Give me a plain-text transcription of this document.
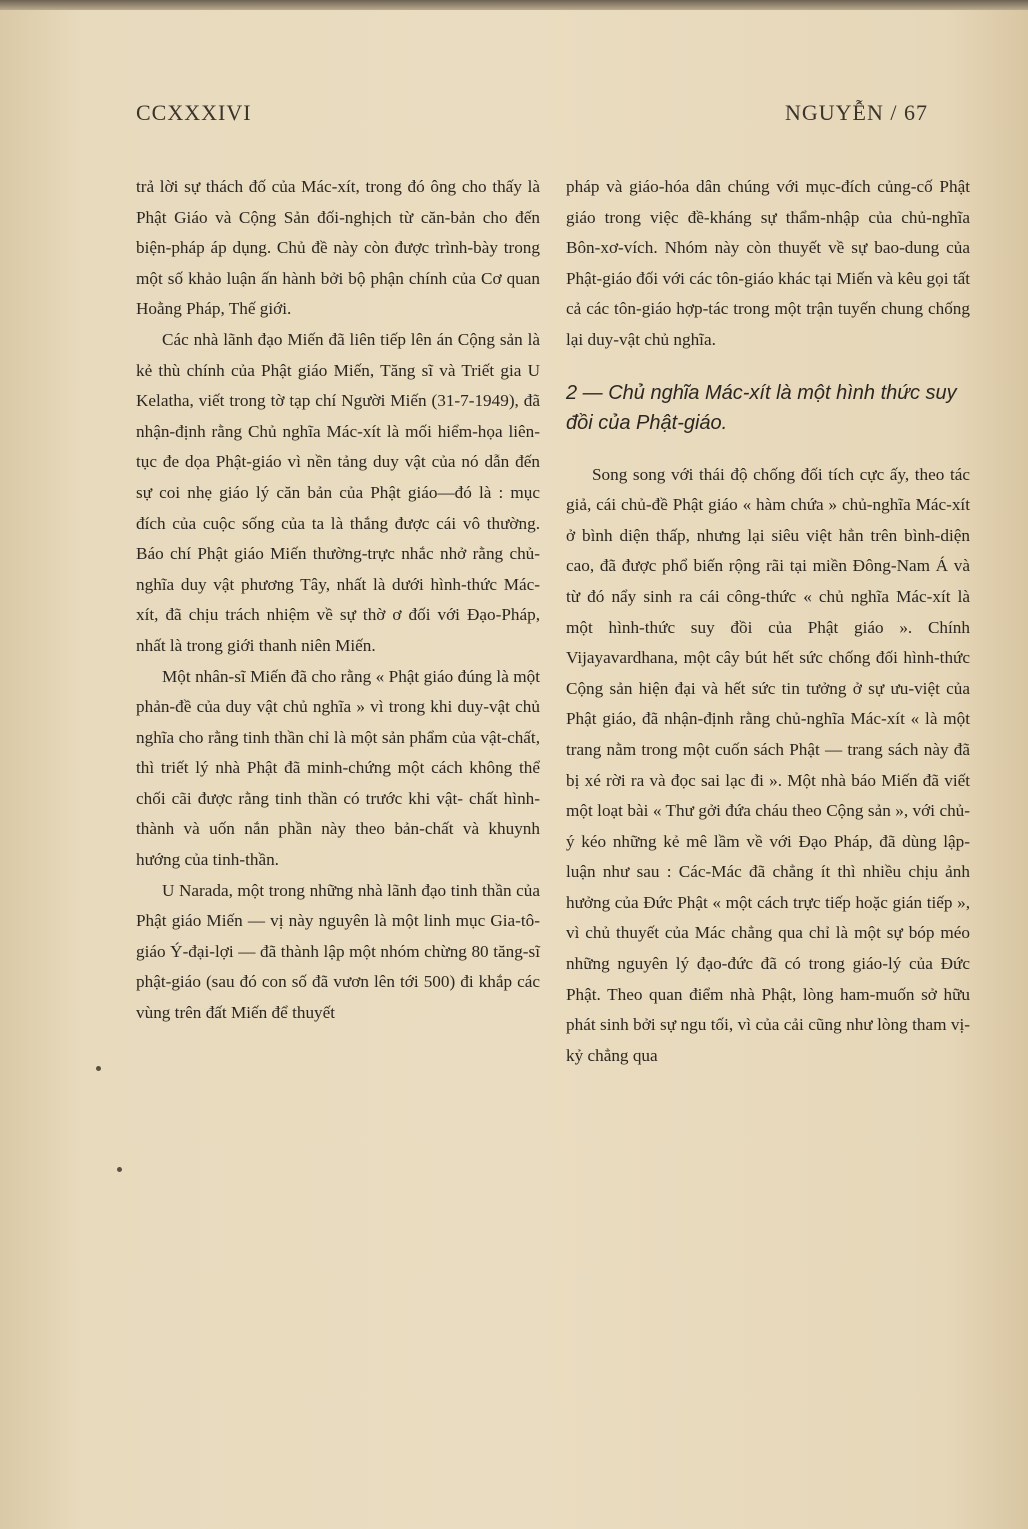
CCXXXIVI	NGUYỄN / 67

trả lời sự thách đố của Mác-xít, trong đó ông cho thấy là Phật Giáo và Cộng Sản đối-nghịch từ căn-bản cho đến biện-pháp áp dụng. Chủ đề này còn được trình-bày trong một số khảo luận ấn hành bởi bộ phận chính của Cơ quan Hoằng Pháp, Thế giới.

Các nhà lãnh đạo Miến đã liên tiếp lên án Cộng sản là kẻ thù chính của Phật giáo Miến, Tăng sĩ và Triết gia U Kelatha, viết trong tờ tạp chí Người Miến (31-7-1949), đã nhận-định rằng Chủ nghĩa Mác-xít là mối hiểm-họa liên-tục đe dọa Phật-giáo vì nền tảng duy vật của nó dẫn đến sự coi nhẹ giáo lý căn bản của Phật giáo—đó là : mục đích của cuộc sống của ta là thắng được cái vô thường. Báo chí Phật giáo Miến thường-trực nhắc nhở rằng chủ-nghĩa duy vật phương Tây, nhất là dưới hình-thức Mác-xít, đã chịu trách nhiệm về sự thờ ơ đối với Đạo-Pháp, nhất là trong giới thanh niên Miến.

Một nhân-sĩ Miến đã cho rằng « Phật giáo đúng là một phản-đề của duy vật chủ nghĩa » vì trong khi duy-vật chủ nghĩa cho rằng tinh thần chỉ là một sản phẩm của vật-chất, thì triết lý nhà Phật đã minh-chứng một cách không thể chối cãi được rằng tinh thần có trước khi vật- chất hình-thành và uốn nắn phần này theo bản-chất và khuynh hướng của tinh-thần.

U Narada, một trong những nhà lãnh đạo tinh thần của Phật giáo Miến — vị này nguyên là một linh mục Gia-tô-giáo Ý-đại-lợi — đã thành lập một nhóm chừng 80 tăng-sĩ phật-giáo (sau đó con số đã vươn lên tới 500) đi khắp các vùng trên đất Miến để thuyết

pháp và giáo-hóa dân chúng với mục-đích củng-cố Phật giáo trong việc đề-kháng sự thẩm-nhập của chủ-nghĩa Bôn-xơ-vích. Nhóm này còn thuyết về sự bao-dung của Phật-giáo đối với các tôn-giáo khác tại Miến và kêu gọi tất cả các tôn-giáo hợp-tác trong một trận tuyến chung chống lại duy-vật chủ nghĩa.

2 — Chủ nghĩa Mác-xít là một hình thức suy đồi của Phật-giáo.

Song song với thái độ chống đối tích cực ấy, theo tác giả, cái chủ-đề Phật giáo « hàm chứa » chủ-nghĩa Mác-xít ở bình diện thấp, nhưng lại siêu việt hẳn trên bình-diện cao, đã được phổ biến rộng rãi tại miền Đông-Nam Á và từ đó nẩy sinh ra cái công-thức « chủ nghĩa Mác-xít là một hình-thức suy đồi của Phật giáo ». Chính Vijayavardhana, một cây bút hết sức chống đối hình-thức Cộng sản hiện đại và hết sức tin tưởng ở sự ưu-việt của Phật giáo, đã nhận-định rằng chủ-nghĩa Mác-xít « là một trang nằm trong một cuốn sách Phật — trang sách này đã bị xé rời ra và đọc sai lạc đi ». Một nhà báo Miến đã viết một loạt bài « Thư gởi đứa cháu theo Cộng sản », với chủ-ý kéo những kẻ mê lầm về với Đạo Pháp, đã dùng lập-luận như sau : Các-Mác đã chẳng ít thì nhiều chịu ảnh hưởng của Đức Phật « một cách trực tiếp hoặc gián tiếp », vì chủ thuyết của Mác chẳng qua chỉ là một sự bóp méo những nguyên lý đạo-đức đã có trong giáo-lý của Đức Phật. Theo quan điểm nhà Phật, lòng ham-muốn sở hữu phát sinh bởi sự ngu tối, vì của cải cũng như lòng tham vị-kỷ chẳng qua
